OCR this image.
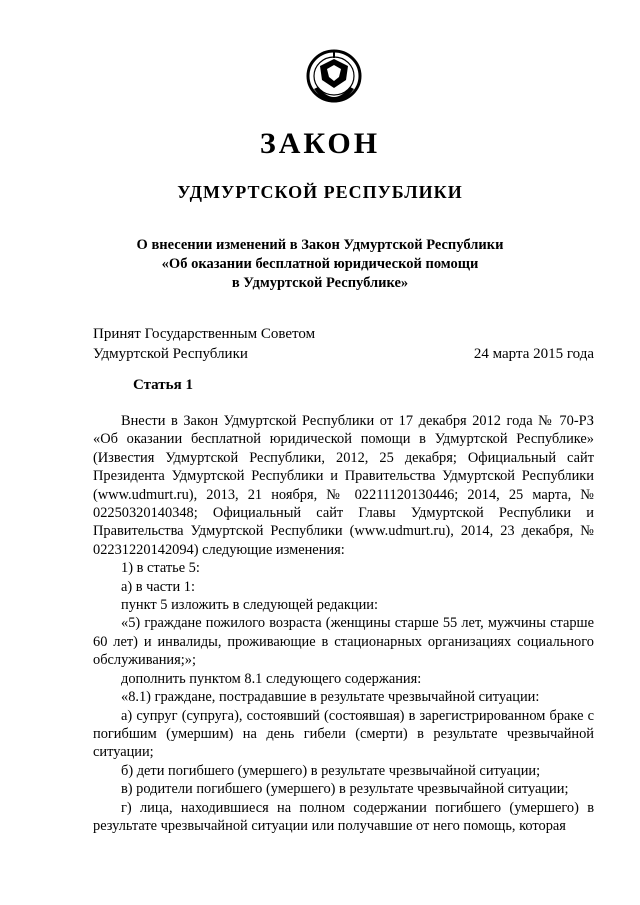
ЗАКОН
УДМУРТСКОЙ РЕСПУБЛИКИ
О внесении изменений в Закон Удмуртской Республики
«Об оказании бесплатной юридической помощи
в Удмуртской Республике»
Принят Государственным Советом
Удмуртской Республики	24 марта 2015 года
Статья 1

Внести в Закон Удмуртской Республики от 17 декабря 2012 года № 70-РЗ «Об оказании бесплатной юридической помощи в Удмуртской Республике» (Известия Удмуртской Республики, 2012, 25 декабря; Официальный сайт Президента Удмуртской Республики и Правительства Удмуртской Республики (www.udmurt.ru), 2013, 21 ноября, № 02211120130446; 2014, 25 марта, № 02250320140348; Официальный сайт Главы Удмуртской Республики и Правительства Удмуртской Республики (www.udmurt.ru), 2014, 23 декабря, № 02231220142094) следующие изменения:

1) в статье 5:

а) в части 1:

пункт 5 изложить в следующей редакции:

«5) граждане пожилого возраста (женщины старше 55 лет, мужчины старше 60 лет) и инвалиды, проживающие в стационарных организациях социального обслуживания;»;

дополнить пунктом 8.1 следующего содержания:

«8.1) граждане, пострадавшие в результате чрезвычайной ситуации:

а) супруг (супруга), состоявший (состоявшая) в зарегистрированном браке с погибшим (умершим) на день гибели (смерти) в результате чрезвычайной ситуации;

б) дети погибшего (умершего) в результате чрезвычайной ситуации;

в) родители погибшего (умершего) в результате чрезвычайной ситуации;

г) лица, находившиеся на полном содержании погибшего (умершего) в результате чрезвычайной ситуации или получавшие от него помощь, которая
